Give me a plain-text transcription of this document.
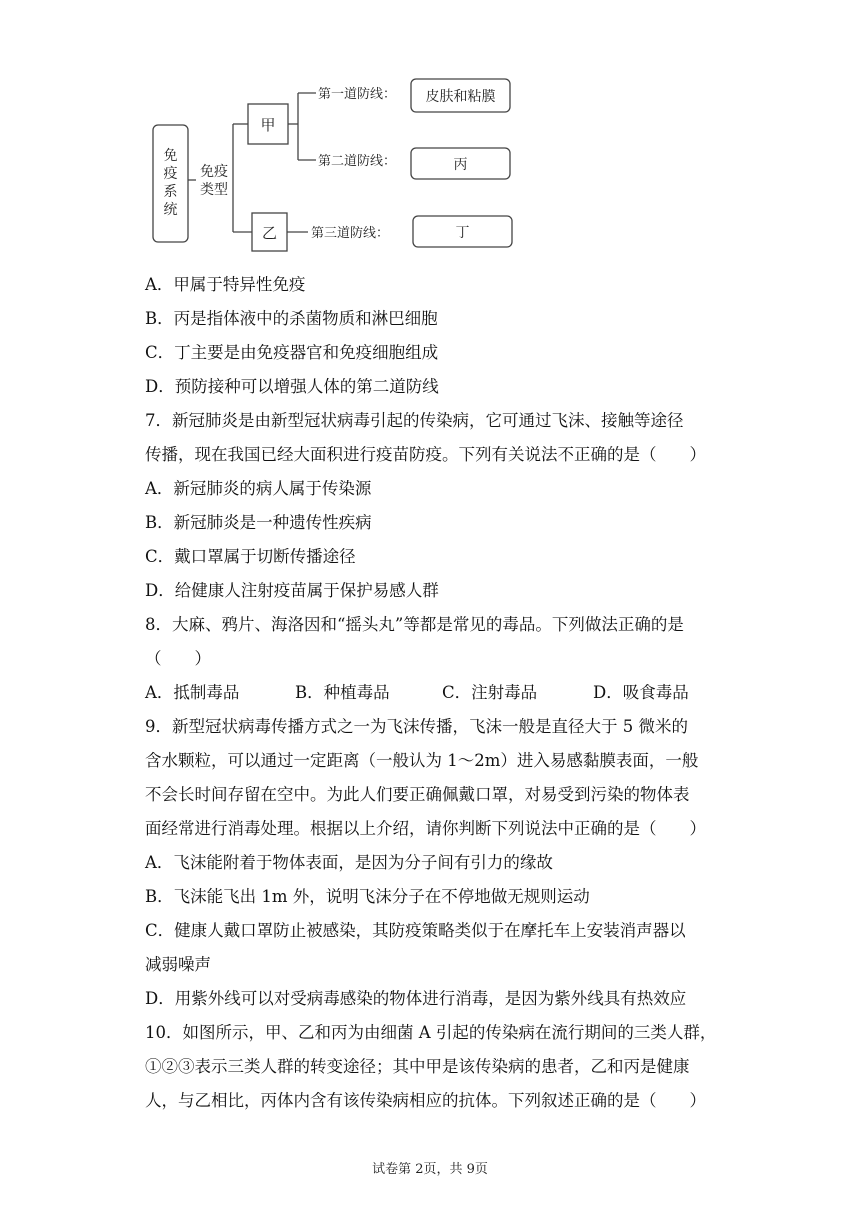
免
疫
系
统
免疫
类型
甲
乙
第一道防线：
第二道防线：
第三道防线：
皮肤和粘膜
丙
丁
A．甲属于特异性免疫
B．丙是指体液中的杀菌物质和淋巴细胞
C．丁主要是由免疫器官和免疫细胞组成
D．预防接种可以增强人体的第二道防线
7．新冠肺炎是由新型冠状病毒引起的传染病，它可通过飞沫、接触等途径
传播，现在我国已经大面积进行疫苗防疫。下列有关说法不正确的是（　　）
A．新冠肺炎的病人属于传染源
B．新冠肺炎是一种遗传性疾病
C．戴口罩属于切断传播途径
D．给健康人注射疫苗属于保护易感人群
8．大麻、鸦片、海洛因和“摇头丸”等都是常见的毒品。下列做法正确的是
（　　）
A．抵制毒品	B．种植毒品	C．注射毒品	D．吸食毒品
9．新型冠状病毒传播方式之一为飞沫传播，飞沫一般是直径大于 5 微米的
含水颗粒，可以通过一定距离（一般认为 1～2m）进入易感黏膜表面，一般
不会长时间存留在空中。为此人们要正确佩戴口罩，对易受到污染的物体表
面经常进行消毒处理。根据以上介绍，请你判断下列说法中正确的是（　　）
A．飞沫能附着于物体表面，是因为分子间有引力的缘故
B．飞沫能飞出 1m 外，说明飞沫分子在不停地做无规则运动
C．健康人戴口罩防止被感染，其防疫策略类似于在摩托车上安装消声器以
减弱噪声
D．用紫外线可以对受病毒感染的物体进行消毒，是因为紫外线具有热效应
10．如图所示，甲、乙和丙为由细菌 A 引起的传染病在流行期间的三类人群，
①②③表示三类人群的转变途径；其中甲是该传染病的患者，乙和丙是健康
人，与乙相比，丙体内含有该传染病相应的抗体。下列叙述正确的是（　　）
试卷第 2页，共 9页
